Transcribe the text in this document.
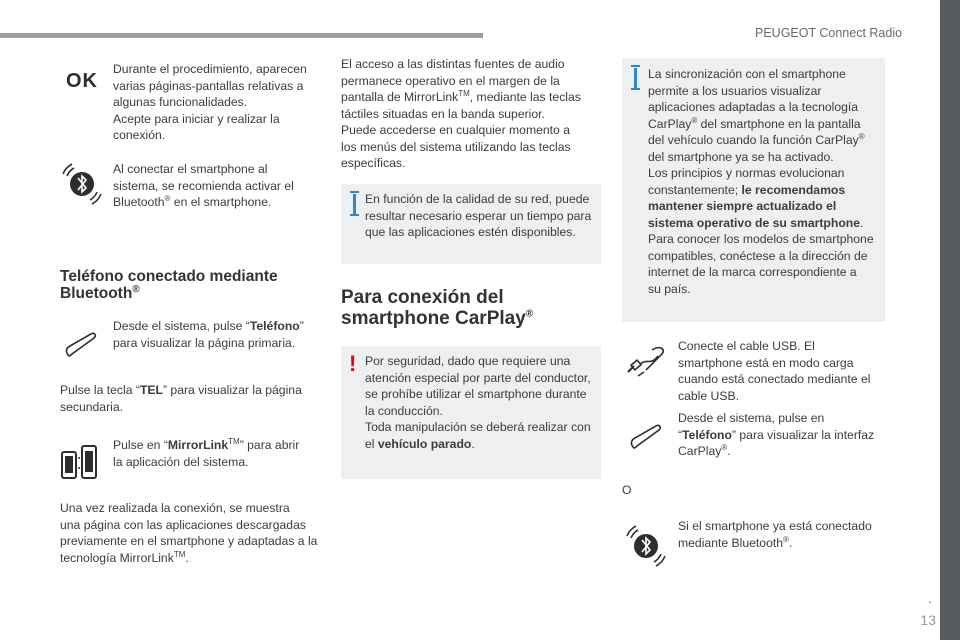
PEUGEOT Connect Radio
.
13
OK
Durante el procedimiento, aparecen
varias páginas-pantallas relativas a
algunas funcionalidades.
Acepte para iniciar y realizar la
conexión.
Al conectar el smartphone al
sistema, se recomienda activar el
Bluetooth® en el smartphone.
Teléfono conectado mediante
Bluetooth®
Desde el sistema, pulse “Teléfono”
para visualizar la página primaria.
Pulse la tecla “TEL” para visualizar la página
secundaria.
Pulse en “MirrorLink™” para abrir
la aplicación del sistema.
Una vez realizada la conexión, se muestra
una página con las aplicaciones descargadas
previamente en el smartphone y adaptadas a la
tecnología MirrorLink™.
El acceso a las distintas fuentes de audio
permanece operativo en el margen de la
pantalla de MirrorLink™, mediante las teclas
táctiles situadas en la banda superior.
Puede accederse en cualquier momento a
los menús del sistema utilizando las teclas
específicas.
En función de la calidad de su red, puede
resultar necesario esperar un tiempo para
que las aplicaciones estén disponibles.
Para conexión del
smartphone CarPlay®
! Por seguridad, dado que requiere una
atención especial por parte del conductor,
se prohíbe utilizar el smartphone durante
la conducción.
Toda manipulación se deberá realizar con
el vehículo parado.
La sincronización con el smartphone
permite a los usuarios visualizar
aplicaciones adaptadas a la tecnología
CarPlay® del smartphone en la pantalla
del vehículo cuando la función CarPlay®
del smartphone ya se ha activado.
Los principios y normas evolucionan
constantemente; le recomendamos
mantener siempre actualizado el
sistema operativo de su smartphone.
Para conocer los modelos de smartphone
compatibles, conéctese a la dirección de
internet de la marca correspondiente a
su país.
Conecte el cable USB. El
smartphone está en modo carga
cuando está conectado mediante el
cable USB.
Desde el sistema, pulse en
“Teléfono” para visualizar la interfaz
CarPlay®.
O
Si el smartphone ya está conectado
mediante Bluetooth®.
